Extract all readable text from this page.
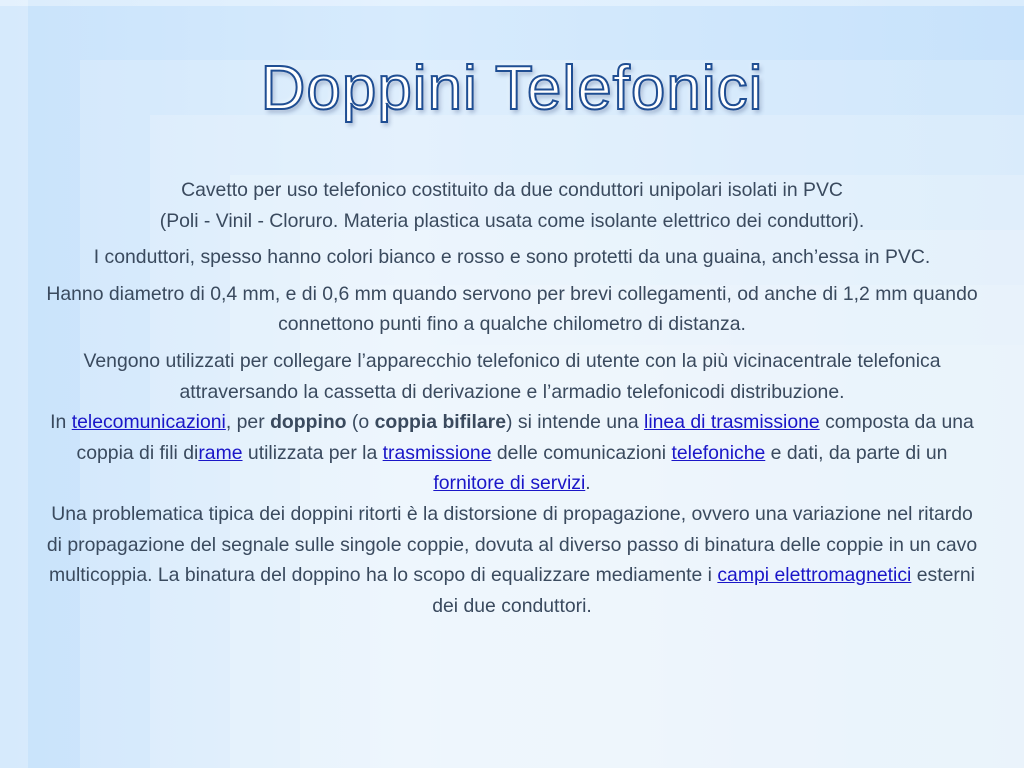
Doppini Telefonici

Cavetto per uso telefonico costituito da due conduttori unipolari isolati in PVC
(Poli - Vinil - Cloruro. Materia plastica usata come isolante elettrico dei conduttori).

I conduttori, spesso hanno colori bianco e rosso e sono protetti da una guaina, anch’essa in PVC.

Hanno diametro di 0,4 mm, e di 0,6 mm quando servono per brevi collegamenti, od anche di 1,2 mm quando connettono punti fino a qualche chilometro di distanza.

Vengono utilizzati per collegare l’apparecchio telefonico di utente con la più vicinacentrale telefonica attraversando la cassetta di derivazione e l’armadio telefonicodi distribuzione.

In telecomunicazioni, per doppino (o coppia bifilare) si intende una linea di trasmissione composta da una coppia di fili dirame utilizzata per la trasmissione delle comunicazioni telefoniche e dati, da parte di un fornitore di servizi.

Una problematica tipica dei doppini ritorti è la distorsione di propagazione, ovvero una variazione nel ritardo di propagazione del segnale sulle singole coppie, dovuta al diverso passo di binatura delle coppie in un cavo multicoppia. La binatura del doppino ha lo scopo di equalizzare mediamente i campi elettromagnetici esterni dei due conduttori.
